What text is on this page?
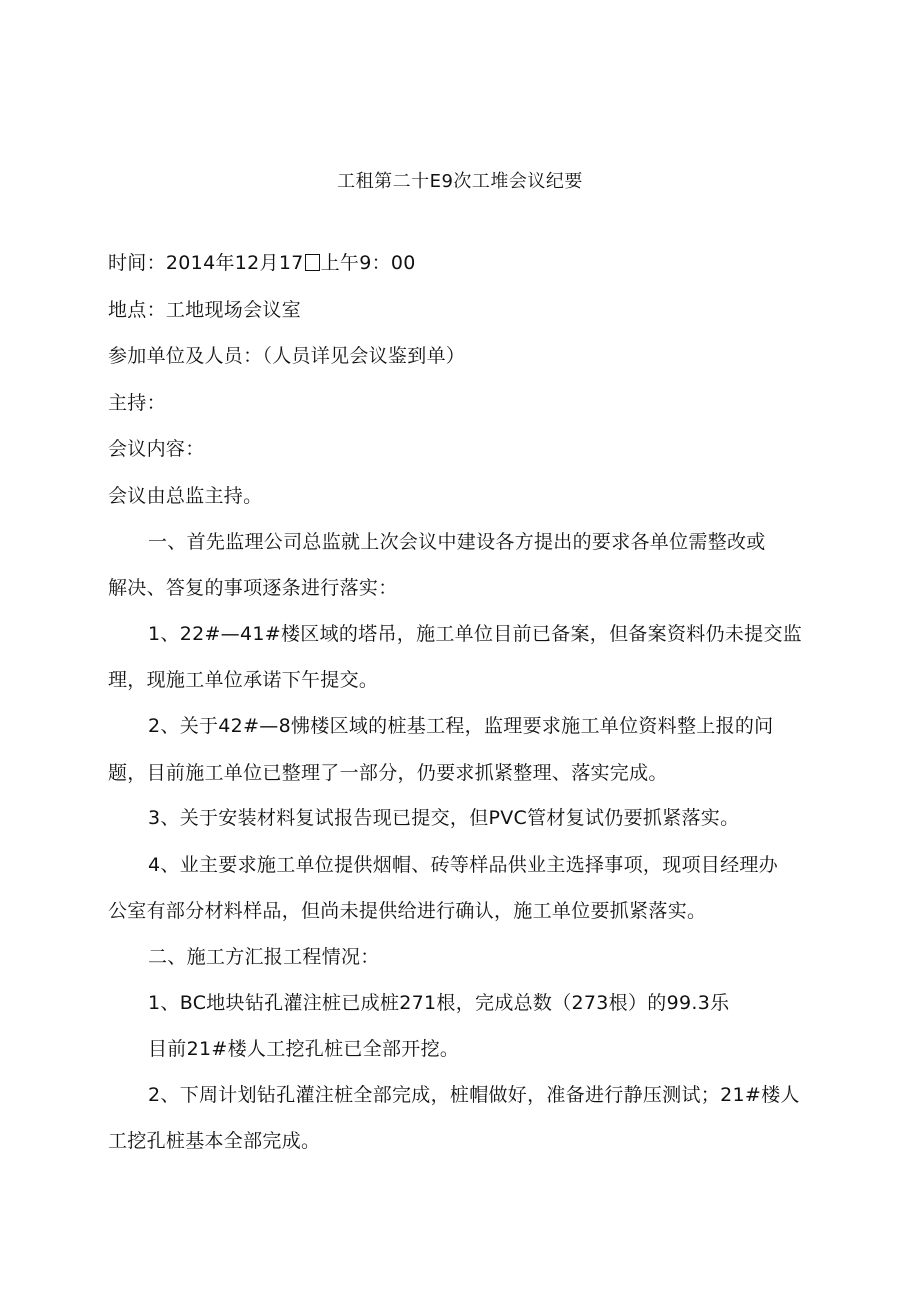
工租第二十E9次工堆会议纪要
时间：2014年12月17 上午9：00
地点：工地现场会议室
参加单位及人员：（人员详见会议鉴到单）
主持：
会议内容：
会议由总监主持。
一、首先监理公司总监就上次会议中建设各方提出的要求各单位需整改或
解决、答复的事项逐条进行落实：
1、22#—41#楼区域的塔吊，施工单位目前已备案，但备案资料仍未提交监
理，现施工单位承诺下午提交。
2、关于42#—8怫楼区域的桩基工程，监理要求施工单位资料整上报的问
题，目前施工单位已整理了一部分，仍要求抓紧整理、落实完成。
3、关于安装材料复试报告现已提交，但PVC管材复试仍要抓紧落实。
4、业主要求施工单位提供烟帽、砖等样品供业主选择事项，现项目经理办
公室有部分材料样品，但尚未提供给进行确认，施工单位要抓紧落实。
二、施工方汇报工程情况：
1、BC地块钻孔灌注桩已成桩271根，完成总数（273根）的99.3乐
目前21#楼人工挖孔桩已全部开挖。
2、下周计划钻孔灌注桩全部完成，桩帽做好，准备进行静压测试；21#楼人
工挖孔桩基本全部完成。
